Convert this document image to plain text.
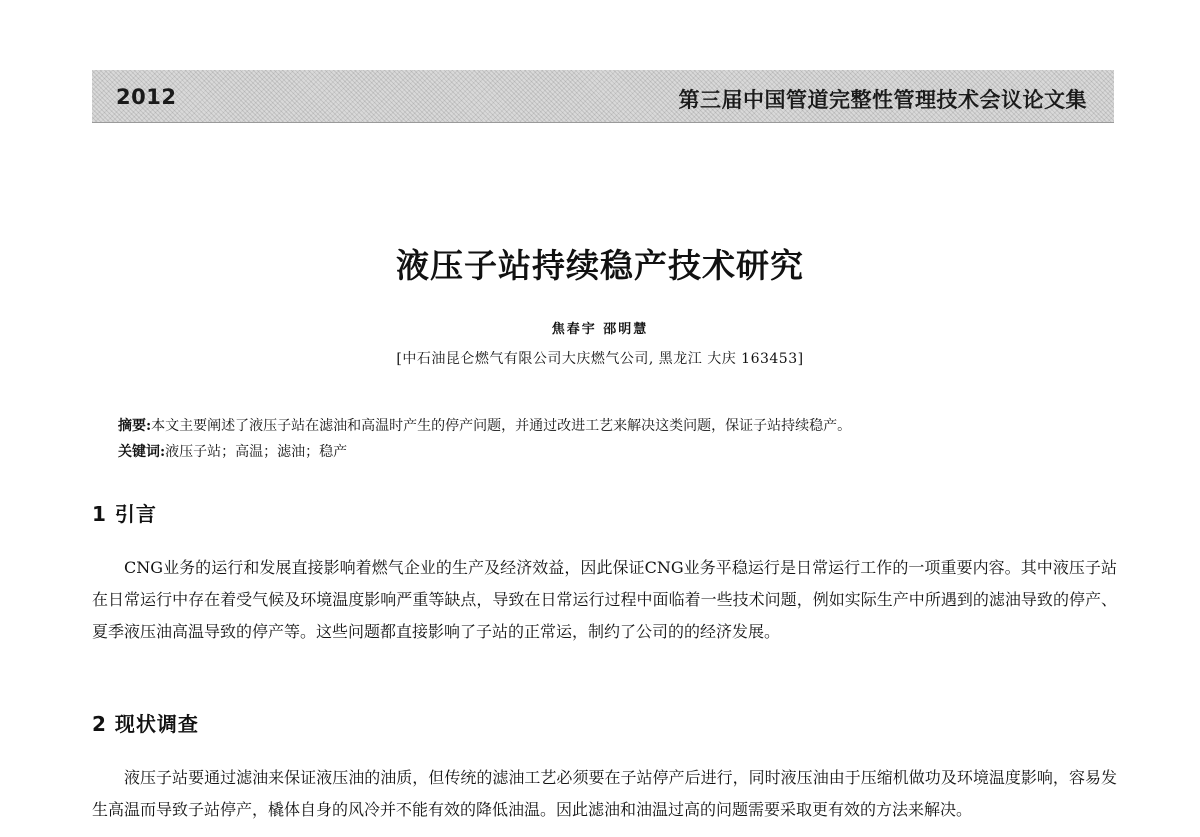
2012	第三届中国管道完整性管理技术会议论文集
液压子站持续稳产技术研究
焦春宇 邵明慧
[中石油昆仑燃气有限公司大庆燃气公司, 黑龙江 大庆 163453]
摘要:本文主要阐述了液压子站在滤油和高温时产生的停产问题，并通过改进工艺来解决这类问题，保证子站持续稳产。
关键词:液压子站；高温；滤油；稳产
1 引言

CNG业务的运行和发展直接影响着燃气企业的生产及经济效益，因此保证CNG业务平稳运行是日常运行工作的一项重要内容。其中液压子站在日常运行中存在着受气候及环境温度影响严重等缺点，导致在日常运行过程中面临着一些技术问题，例如实际生产中所遇到的滤油导致的停产、夏季液压油高温导致的停产等。这些问题都直接影响了子站的正常运，制约了公司的的经济发展。

2 现状调查

液压子站要通过滤油来保证液压油的油质，但传统的滤油工艺必须要在子站停产后进行，同时液压油由于压缩机做功及环境温度影响，容易发生高温而导致子站停产，橇体自身的风冷并不能有效的降低油温。因此滤油和油温过高的问题需要采取更有效的方法来解决。
